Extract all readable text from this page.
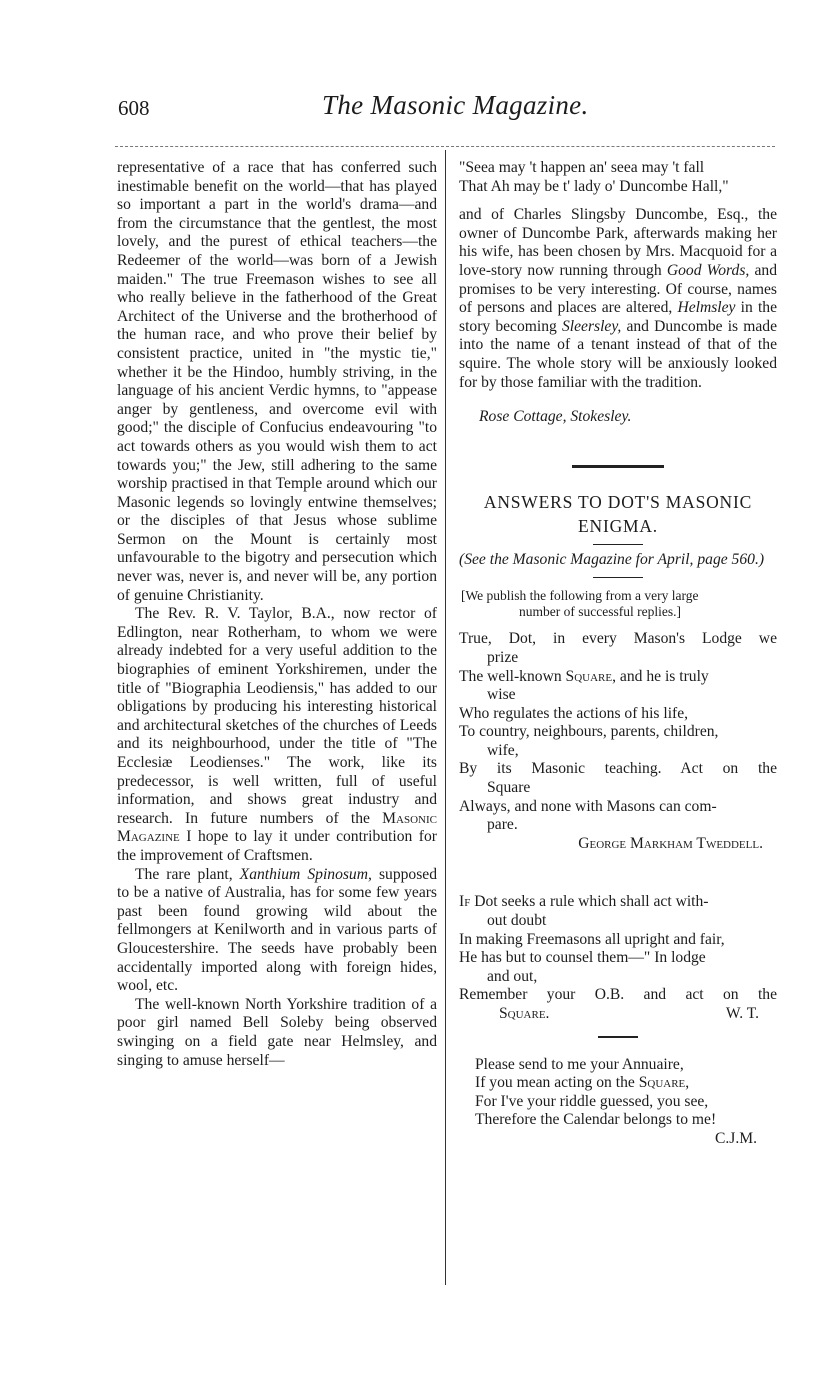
608	The Masonic Magazine.

representative of a race that has conferred such inestimable benefit on the world—that has played so important a part in the world's drama—and from the circumstance that the gentlest, the most lovely, and the purest of ethical teachers—the Redeemer of the world—was born of a Jewish maiden." The true Freemason wishes to see all who really believe in the fatherhood of the Great Architect of the Universe and the brotherhood of the human race, and who prove their belief by consistent practice, united in "the mystic tie," whether it be the Hindoo, humbly striving, in the language of his ancient Verdic hymns, to "appease anger by gentleness, and overcome evil with good;" the disciple of Confucius endeavouring "to act towards others as you would wish them to act towards you;" the Jew, still adhering to the same worship practised in that Temple around which our Masonic legends so lovingly entwine themselves; or the disciples of that Jesus whose sublime Sermon on the Mount is certainly most unfavourable to the bigotry and persecution which never was, never is, and never will be, any portion of genuine Christianity.

The Rev. R. V. Taylor, B.A., now rector of Edlington, near Rotherham, to whom we were already indebted for a very useful addition to the biographies of eminent Yorkshiremen, under the title of "Biographia Leodiensis," has added to our obligations by producing his interesting historical and architectural sketches of the churches of Leeds and its neighbourhood, under the title of "The Ecclesiæ Leodienses." The work, like its predecessor, is well written, full of useful information, and shows great industry and research. In future numbers of the Masonic Magazine I hope to lay it under contribution for the improvement of Craftsmen.

The rare plant, Xanthium Spinosum, supposed to be a native of Australia, has for some few years past been found growing wild about the fellmongers at Kenilworth and in various parts of Gloucestershire. The seeds have probably been accidentally imported along with foreign hides, wool, etc.

The well-known North Yorkshire tradition of a poor girl named Bell Soleby being observed swinging on a field gate near Helmsley, and singing to amuse herself—

"Seea may 't happen an' seea may 't fall

That Ah may be t' lady o' Duncombe Hall,"

and of Charles Slingsby Duncombe, Esq., the owner of Duncombe Park, afterwards making her his wife, has been chosen by Mrs. Macquoid for a love-story now running through Good Words, and promises to be very interesting. Of course, names of persons and places are altered, Helmsley in the story becoming Sleersley, and Duncombe is made into the name of a tenant instead of that of the squire. The whole story will be anxiously looked for by those familiar with the tradition.

Rose Cottage, Stokesley.

ANSWERS TO DOT'S MASONIC

ENIGMA.

(See the Masonic Magazine for April, page 560.)

[We publish the following from a very large

number of successful replies.]

True, Dot, in every Mason's Lodge we

prize

The well-known Square, and he is truly

wise

Who regulates the actions of his life,

To country, neighbours, parents, children,

wife,

By its Masonic teaching. Act on the

Square

Always, and none with Masons can com-

pare.

George Markham Tweddell.

If Dot seeks a rule which shall act with-

out doubt

In making Freemasons all upright and fair,

He has but to counsel them—" In lodge

and out,

Remember your O.B. and act on the

Square.	W. T.

Please send to me your Annuaire,

If you mean acting on the Square,

For I've your riddle guessed, you see,

Therefore the Calendar belongs to me!

C.J.M.
